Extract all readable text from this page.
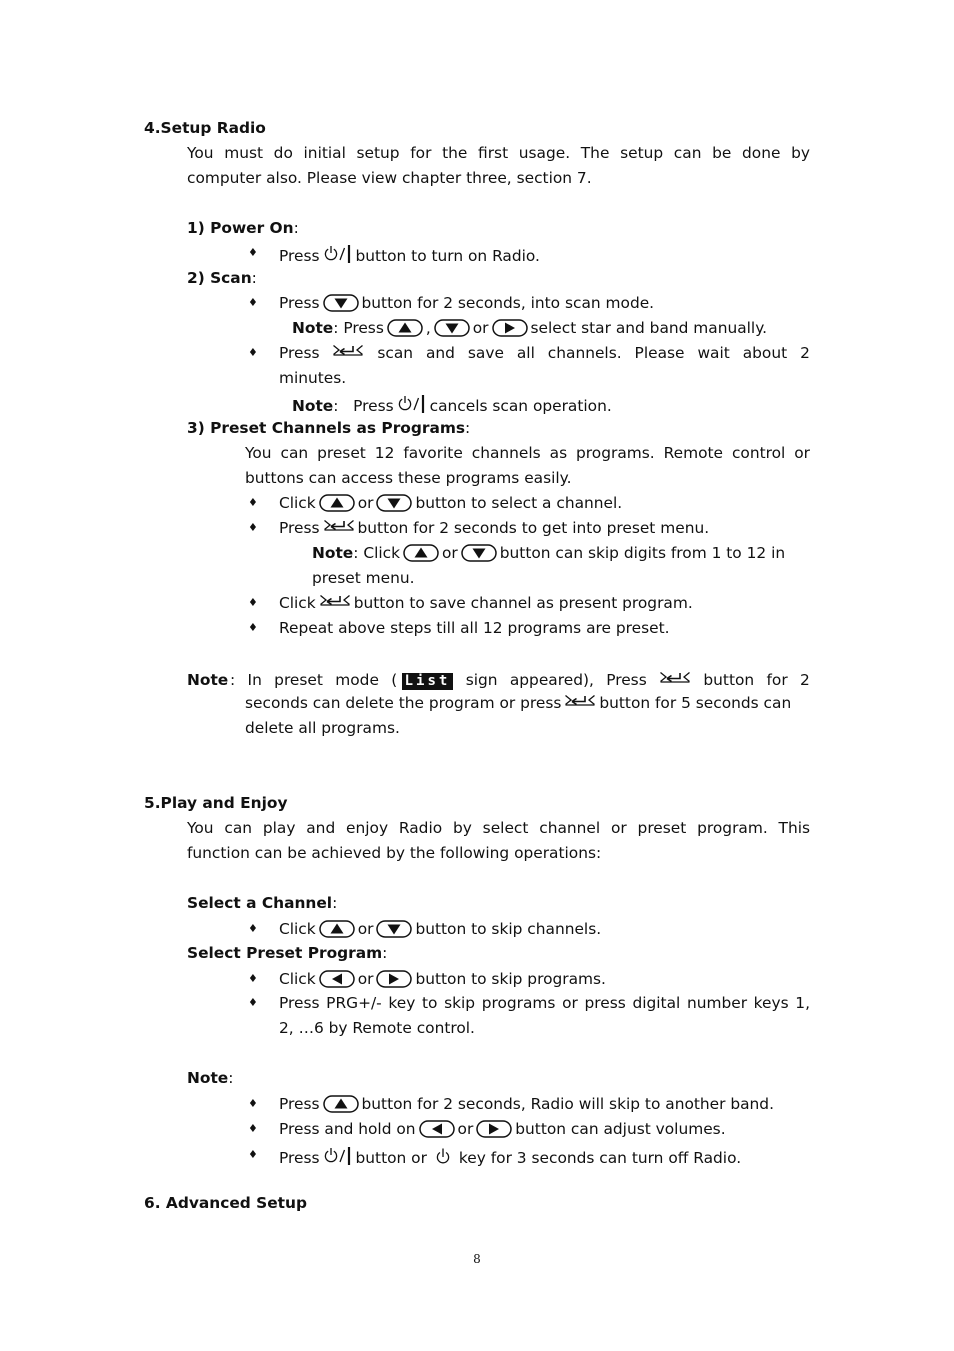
4.Setup Radio
You must do initial setup for the first usage. The setup can be done by
computer also. Please view chapter three, section 7.
1) Power On:
♦ Press button to turn on Radio.
2) Scan:
♦ Press	button for 2 seconds, into scan mode.
Note: Press	,	or	select star and band manually.
♦ Press	scan and save all channels. Please wait about 2
minutes.
Note:   Press cancels scan operation.
3) Preset Channels as Programs:
You can preset 12 favorite channels as programs. Remote control or
buttons can access these programs easily.
♦ Click	or	button to select a channel.
♦ Press button for 2 seconds to get into preset menu.
Note: Click	or	button can skip digits from 1 to 12 in
preset menu.
♦ Click button to save channel as present program.
♦ Repeat above steps till all 12 programs are preset.
Note : In preset mode ( List sign appeared), Press	button for 2
seconds can delete the program or press button for 5 seconds can
delete all programs.
5.Play and Enjoy
You can play and enjoy Radio by select channel or preset program. This
function can be achieved by the following operations:
Select a Channel:
♦ Click	or	button to skip channels.
Select Preset Program:
♦ Click	or	button to skip programs.
♦ Press PRG+/- key to skip programs or press digital number keys 1,
2, …6 by Remote control.
Note:
♦ Press	button for 2 seconds, Radio will skip to another band.
♦ Press and hold on	or	button can adjust volumes.
♦ Press button or key for 3 seconds can turn off Radio.
6. Advanced Setup
8
